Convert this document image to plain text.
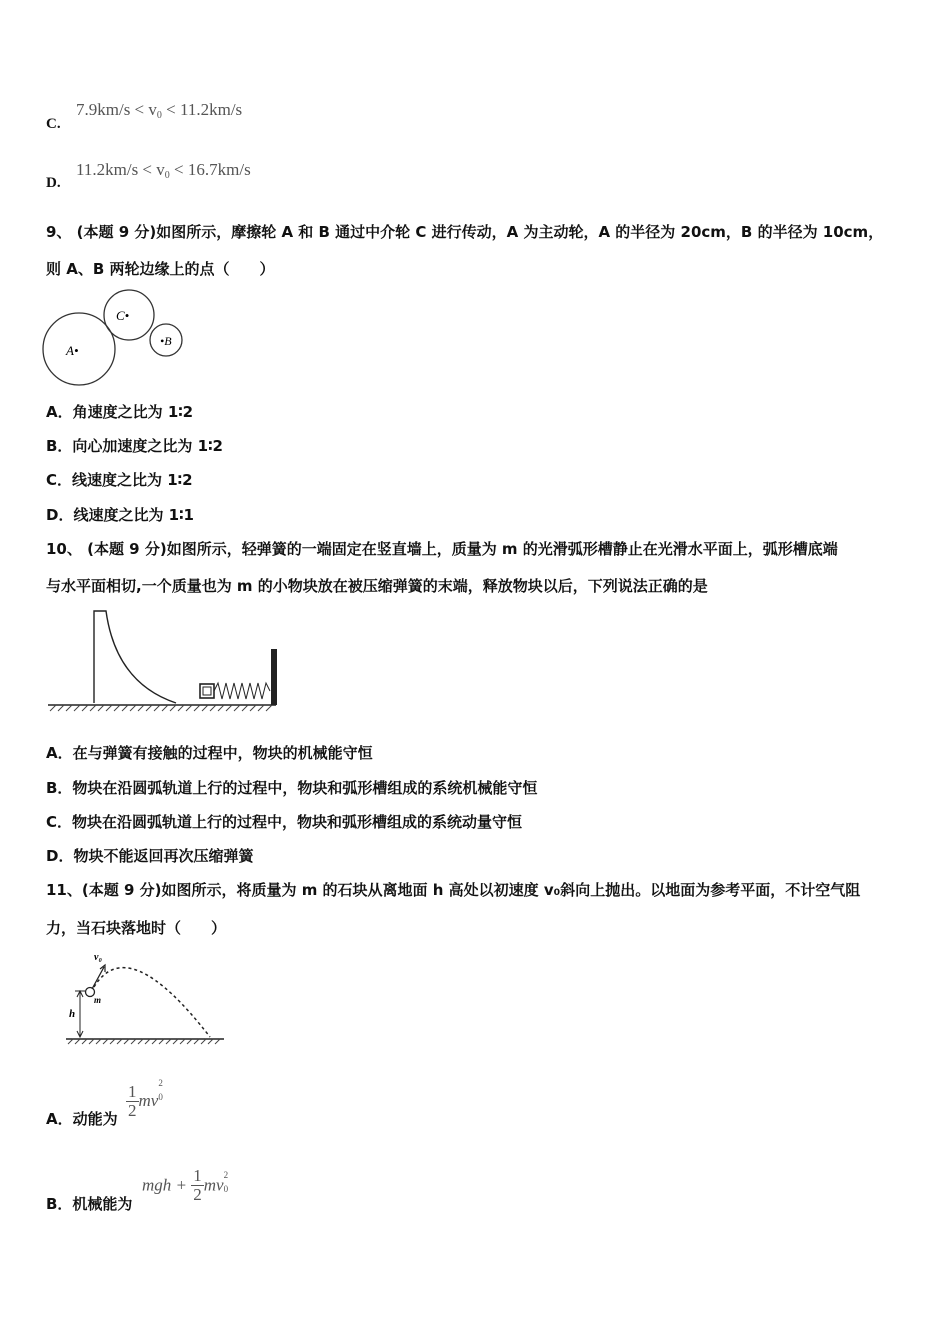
C.
$7.9km/s < v_0 < 11.2km/s$
D.
$11.2km/s < v_0 < 16.7km/s$
9、 (本题 9 分)如图所示，摩擦轮 A 和 B 通过中介轮 C 进行传动，A 为主动轮，A 的半径为 20cm，B 的半径为 10cm，
则 A、B 两轮边缘上的点（　　）
A•
C•
•B
A．角速度之比为 1∶2
B．向心加速度之比为 1∶2
C．线速度之比为 1∶2
D．线速度之比为 1∶1
10、 (本题 9 分)如图所示，轻弹簧的一端固定在竖直墙上，质量为 m 的光滑弧形槽静止在光滑水平面上，弧形槽底端
与水平面相切,一个质量也为 m 的小物块放在被压缩弹簧的末端，释放物块以后，下列说法正确的是
A．在与弹簧有接触的过程中，物块的机械能守恒
B．物块在沿圆弧轨道上行的过程中，物块和弧形槽组成的系统机械能守恒
C．物块在沿圆弧轨道上行的过程中，物块和弧形槽组成的系统动量守恒
D．物块不能返回再次压缩弹簧
11、(本题 9 分)如图所示，将质量为 m 的石块从离地面 h 高处以初速度 v₀斜向上抛出。以地面为参考平面，不计空气阻
力，当石块落地时（　　）
h
m
v₀
A．动能为 $\frac{1}{2}$ mv
2
0
B．机械能为
mgh + $\frac{1}{2}$ mv
2
0
